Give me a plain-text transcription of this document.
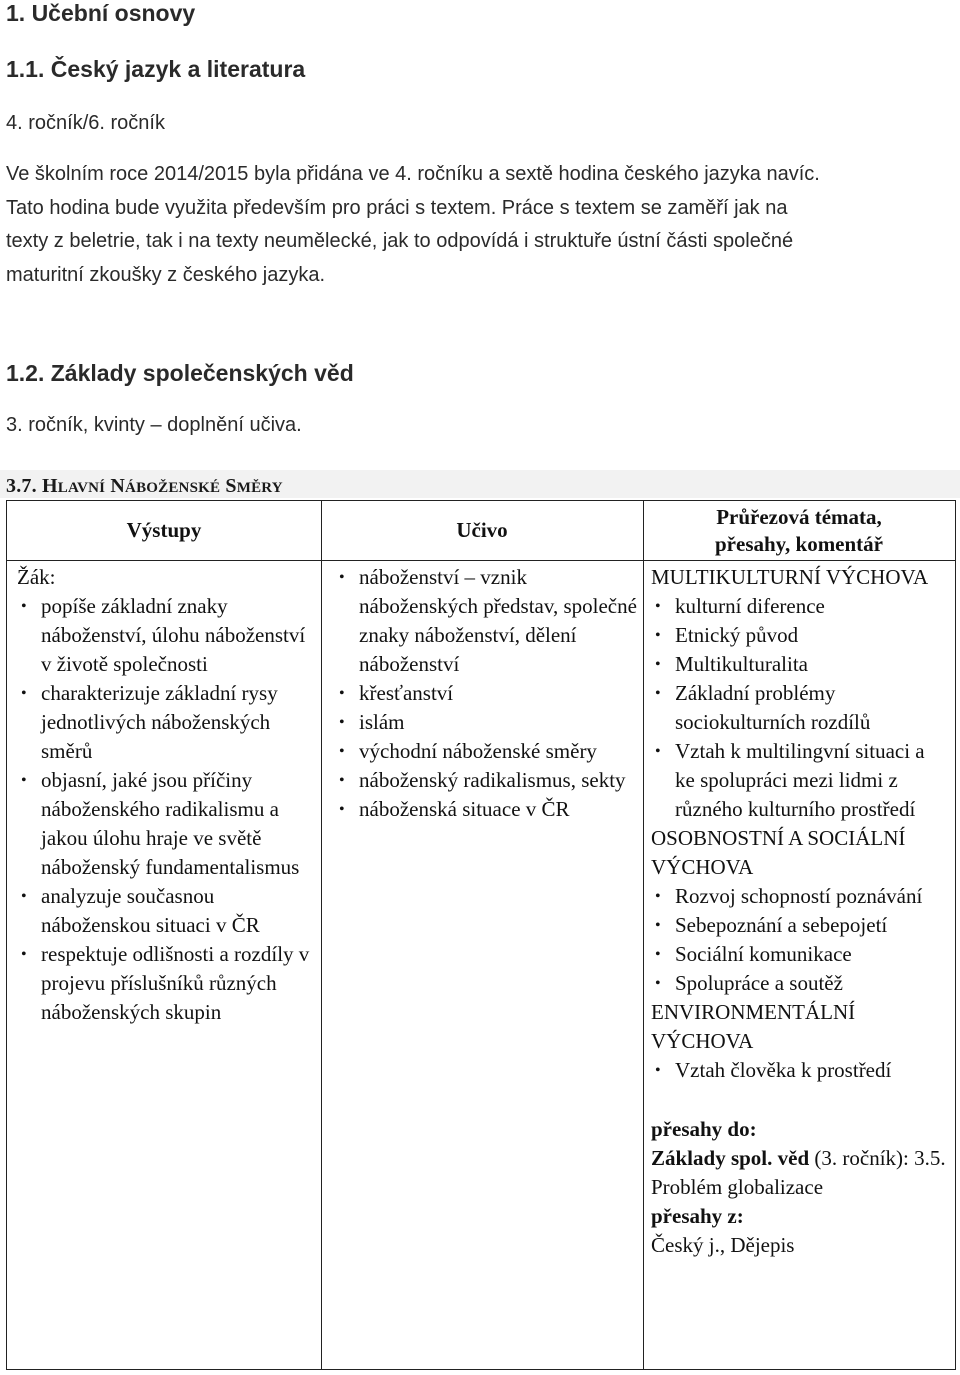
1. Učební osnovy
1.1. Český jazyk a literatura
4. ročník/6. ročník
Ve školním roce 2014/2015 byla přidána ve 4. ročníku a sextě hodina českého jazyka navíc.
Tato hodina bude využita především pro práci s textem. Práce s textem se zaměří jak na
texty z beletrie, tak i na texty neumělecké, jak to odpovídá i struktuře ústní části společné
maturitní zkoušky z českého jazyka.
1.2. Základy společenských věd
3. ročník, kvinty – doplnění učiva.
3.7. HLAVNÍ NÁBOŽENSKÉ SMĚRY
Výstupy
Žák:
• popíše základní znaky náboženství, úlohu náboženství v životě společnosti
• charakterizuje základní rysy jednotlivých náboženských směrů
• objasní, jaké jsou příčiny náboženského radikalismu a jakou úlohu hraje ve světě náboženský fundamentalismus
• analyzuje současnou náboženskou situaci v ČR
• respektuje odlišnosti a rozdíly v projevu příslušníků různých náboženských skupin
Učivo
• náboženství – vznik náboženských představ, společné znaky náboženství, dělení náboženství
• křesťanství
• islám
• východní náboženské směry
• náboženský radikalismus, sekty
• náboženská situace v ČR
Průřezová témata,
přesahy, komentář
MULTIKULTURNÍ VÝCHOVA
• kulturní diference
• Etnický původ
• Multikulturalita
• Základní problémy sociokulturních rozdílů
• Vztah k multilingvní situaci a ke spolupráci mezi lidmi z různého kulturního prostředí
OSOBNOSTNÍ A SOCIÁLNÍ VÝCHOVA
• Rozvoj schopností poznávání
• Sebepoznání a sebepojetí
• Sociální komunikace
• Spolupráce a soutěž
ENVIRONMENTÁLNÍ VÝCHOVA
• Vztah člověka k prostředí
přesahy do:
Základy spol. věd (3. ročník): 3.5. Problém globalizace
přesahy z:
Český j., Dějepis
